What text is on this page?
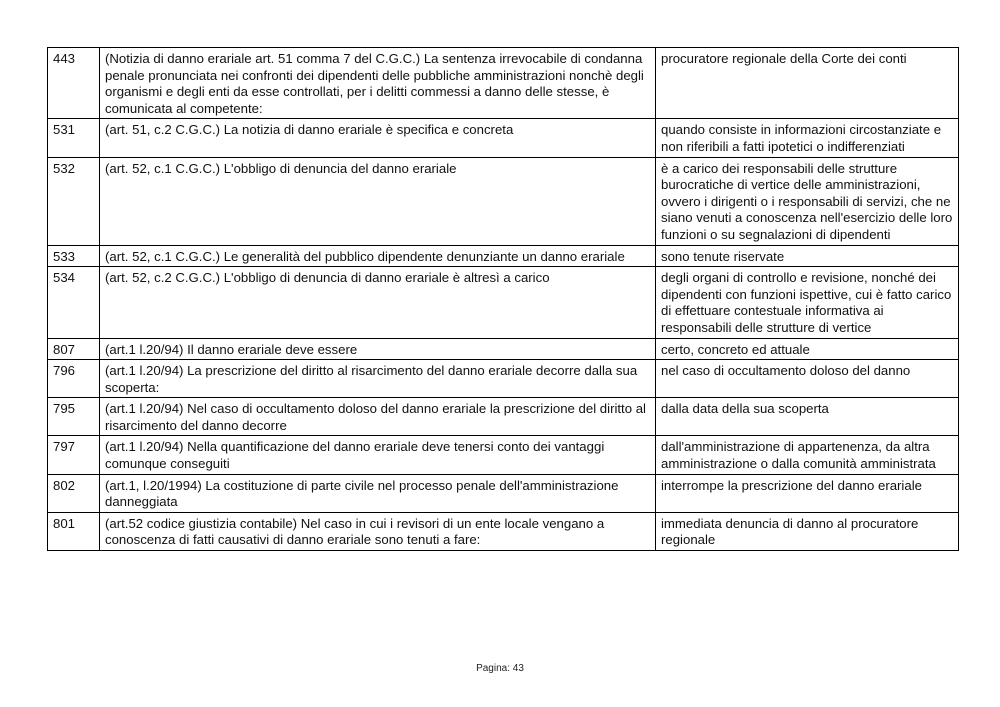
443	(Notizia di danno erariale art. 51 comma 7 del C.G.C.) La sentenza irrevocabile di condanna penale pronunciata nei confronti dei dipendenti delle pubbliche amministrazioni nonchè degli organismi e degli enti da esse controllati, per i delitti commessi a danno delle stesse, è comunicata al competente:	procuratore regionale della Corte dei conti
531	(art. 51, c.2 C.G.C.) La notizia di danno erariale è specifica e concreta	quando consiste in informazioni circostanziate e non riferibili a fatti ipotetici o indifferenziati
532	(art. 52, c.1 C.G.C.) L'obbligo di denuncia del danno erariale	è a carico dei responsabili delle strutture burocratiche di vertice delle amministrazioni, ovvero i dirigenti o i responsabili di servizi, che ne siano venuti a conoscenza nell'esercizio delle loro funzioni o su segnalazioni di dipendenti
533	(art. 52, c.1 C.G.C.) Le generalità del pubblico dipendente denunziante un danno erariale	sono tenute riservate
534	(art. 52, c.2 C.G.C.) L'obbligo di denuncia di danno erariale è altresì a carico	degli organi di controllo e revisione, nonché dei dipendenti con funzioni ispettive, cui è fatto carico di effettuare contestuale informativa ai responsabili delle strutture di vertice
807	(art.1 l.20/94) Il danno erariale deve essere	certo, concreto ed attuale
796	(art.1 l.20/94) La prescrizione del diritto al risarcimento del danno erariale decorre dalla sua scoperta:	nel caso di occultamento doloso del danno
795	(art.1 l.20/94) Nel caso di occultamento doloso del danno erariale la prescrizione del diritto al risarcimento del danno decorre	dalla data della sua scoperta
797	(art.1 l.20/94) Nella quantificazione del danno erariale deve tenersi conto dei vantaggi comunque conseguiti	dall'amministrazione di appartenenza, da altra amministrazione o dalla comunità amministrata
802	(art.1, l.20/1994) La costituzione di parte civile nel processo penale dell'amministrazione danneggiata	interrompe la prescrizione del danno erariale
801	(art.52 codice giustizia contabile) Nel caso in cui i revisori di un ente locale vengano a conoscenza di fatti causativi di danno erariale sono tenuti a fare:	immediata denuncia di danno al procuratore regionale
Pagina: 43
